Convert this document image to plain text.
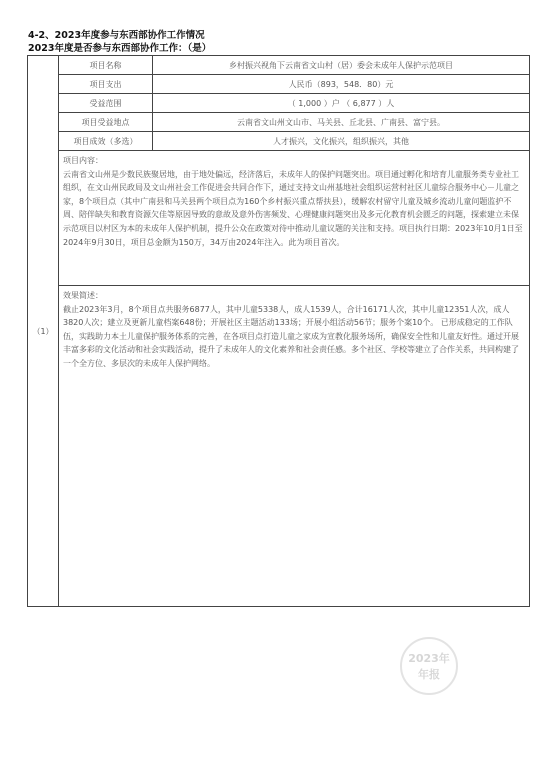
4-2、2023年度参与东西部协作工作情况
2023年度是否参与东西部协作工作：（是）
（1）	项目名称	乡村振兴视角下云南省文山村（居）委会未成年人保护示范项目
	项目支出	人民币（893，548．80）元
	受益范围	（ 1,000 ）户 （ 6,877 ）人
	项目受益地点	云南省文山州文山市、马关县、丘北县、广南县、富宁县。
	项目成效（多选）	人才振兴，文化振兴，组织振兴，其他

	项目内容：
云南省文山州是少数民族聚居地，由于地处偏远，经济落后，未成年人的保护问题突出。项目通过孵化和培育儿童服务类专业社工组织，在文山州民政局及文山州社会工作促进会共同合作下，通过支持文山州基地社会组织运营村社区儿童综合服务中心－儿童之家，8个项目点（其中广南县和马关县两个项目点为160个乡村振兴重点帮扶县），缓解农村留守儿童及城乡流动儿童问题监护不周、陪伴缺失和教育资源欠佳等原因导致的意故及意外伤害频发、心理健康问题突出及多元化教育机会匮乏的问题，探索建立未保示范项目以村区为本的未成年人保护机制，提升公众在政策对待中推动儿童议题的关注和支持。项目执行日期：2023年10月1日至2024年9月30日，项目总金额为150万，34万由2024年注入。此为项目首次。	

	效果简述：
截止2023年3月，8个项目点共服务6877人，其中儿童5338人，成人1539人，合计16171人次，其中儿童12351人次，成人3820人次；建立及更新儿童档案648份；开展社区主题活动133场；开展小组活动56节；服务个案10个。 已形成稳定的工作队伍，实践助力本土儿童保护服务体系的完善，在各项目点打造儿童之家成为宣教化服务场所，确保安全性和儿童友好性。通过开展丰富多彩的文化活动和社会实践活动，提升了未成年人的文化素养和社会责任感。多个社区、学校等建立了合作关系，共同构建了一个全方位、多层次的未成年人保护网络。	
2023年
年报
